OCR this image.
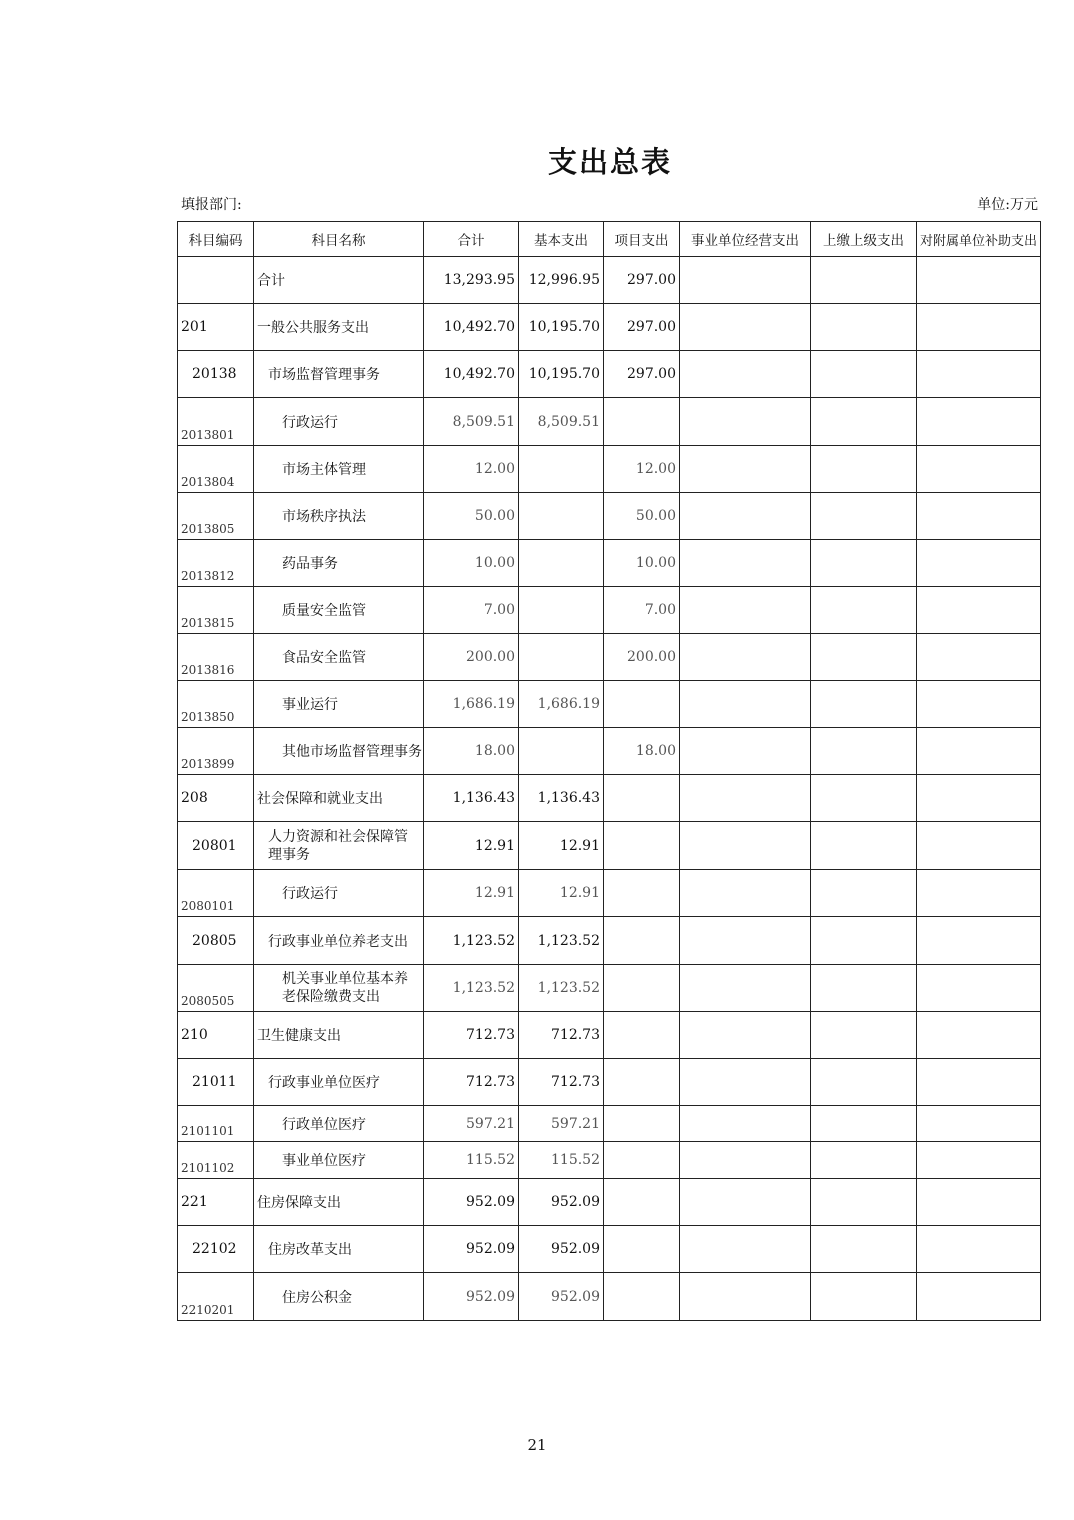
支出总表
填报部门:	单位:万元
科目编码	科目名称	合计	基本支出	项目支出	事业单位经营支出	上缴上级支出	对附属单位补助支出
	合计	13,293.95	12,996.95	297.00			
201	一般公共服务支出	10,492.70	10,195.70	297.00			
20138	市场监督管理事务	10,492.70	10,195.70	297.00			
2013801	行政运行	8,509.51	8,509.51				
2013804	市场主体管理	12.00		12.00			
2013805	市场秩序执法	50.00		50.00			
2013812	药品事务	10.00		10.00			
2013815	质量安全监管	7.00		7.00			
2013816	食品安全监管	200.00		200.00			
2013850	事业运行	1,686.19	1,686.19				
2013899	其他市场监督管理事务	18.00		18.00			
208	社会保障和就业支出	1,136.43	1,136.43				
20801	人力资源和社会保障管理事务	12.91	12.91				
2080101	行政运行	12.91	12.91				
20805	行政事业单位养老支出	1,123.52	1,123.52				
2080505	机关事业单位基本养老保险缴费支出	1,123.52	1,123.52				
210	卫生健康支出	712.73	712.73				
21011	行政事业单位医疗	712.73	712.73				
2101101	行政单位医疗	597.21	597.21				
2101102	事业单位医疗	115.52	115.52				
221	住房保障支出	952.09	952.09				
22102	住房改革支出	952.09	952.09				
2210201	住房公积金	952.09	952.09				
21
